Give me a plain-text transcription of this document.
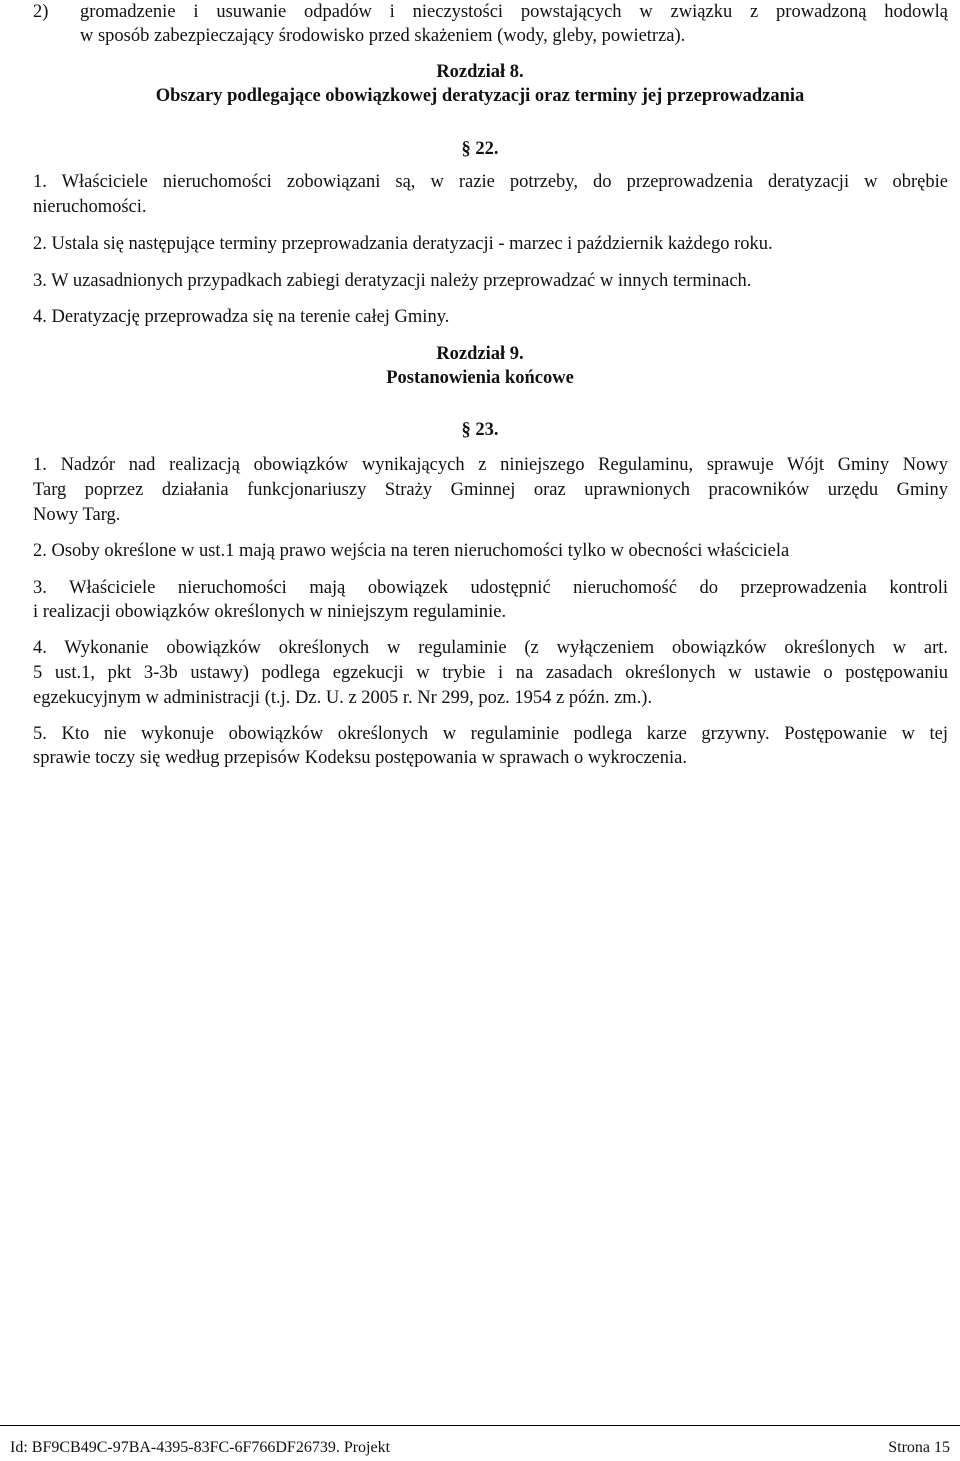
2) gromadzenie i usuwanie odpadów i nieczystości powstających w związku z prowadzoną hodowlą
w sposób zabezpieczający środowisko przed skażeniem (wody, gleby, powietrza).
Rozdział 8.
Obszary podlegające obowiązkowej deratyzacji oraz terminy jej przeprowadzania
§ 22.
1. Właściciele nieruchomości zobowiązani są, w razie potrzeby, do przeprowadzenia deratyzacji w obrębie
nieruchomości.
2. Ustala się następujące terminy przeprowadzania deratyzacji - marzec i październik każdego roku.
3. W uzasadnionych przypadkach zabiegi deratyzacji należy przeprowadzać w innych terminach.
4. Deratyzację przeprowadza się na terenie całej Gminy.
Rozdział 9.
Postanowienia końcowe
§ 23.
1. Nadzór nad realizacją obowiązków wynikających z niniejszego Regulaminu, sprawuje Wójt Gminy Nowy
Targ poprzez działania funkcjonariuszy Straży Gminnej oraz uprawnionych pracowników urzędu Gminy
Nowy Targ.
2. Osoby określone w ust.1 mają prawo wejścia na teren nieruchomości tylko w obecności właściciela
3. Właściciele nieruchomości mają obowiązek udostępnić nieruchomość do przeprowadzenia kontroli
i realizacji obowiązków określonych w niniejszym regulaminie.
4. Wykonanie obowiązków określonych w regulaminie (z wyłączeniem obowiązków określonych w art.
5 ust.1, pkt 3-3b ustawy) podlega egzekucji w trybie i na zasadach określonych w ustawie o postępowaniu
egzekucyjnym w administracji (t.j. Dz. U. z 2005 r. Nr 299, poz. 1954 z późn. zm.).
5. Kto nie wykonuje obowiązków określonych w regulaminie podlega karze grzywny. Postępowanie w tej
sprawie toczy się według przepisów Kodeksu postępowania w sprawach o wykroczenia.
Id: BF9CB49C-97BA-4395-83FC-6F766DF26739. Projekt	Strona 15
